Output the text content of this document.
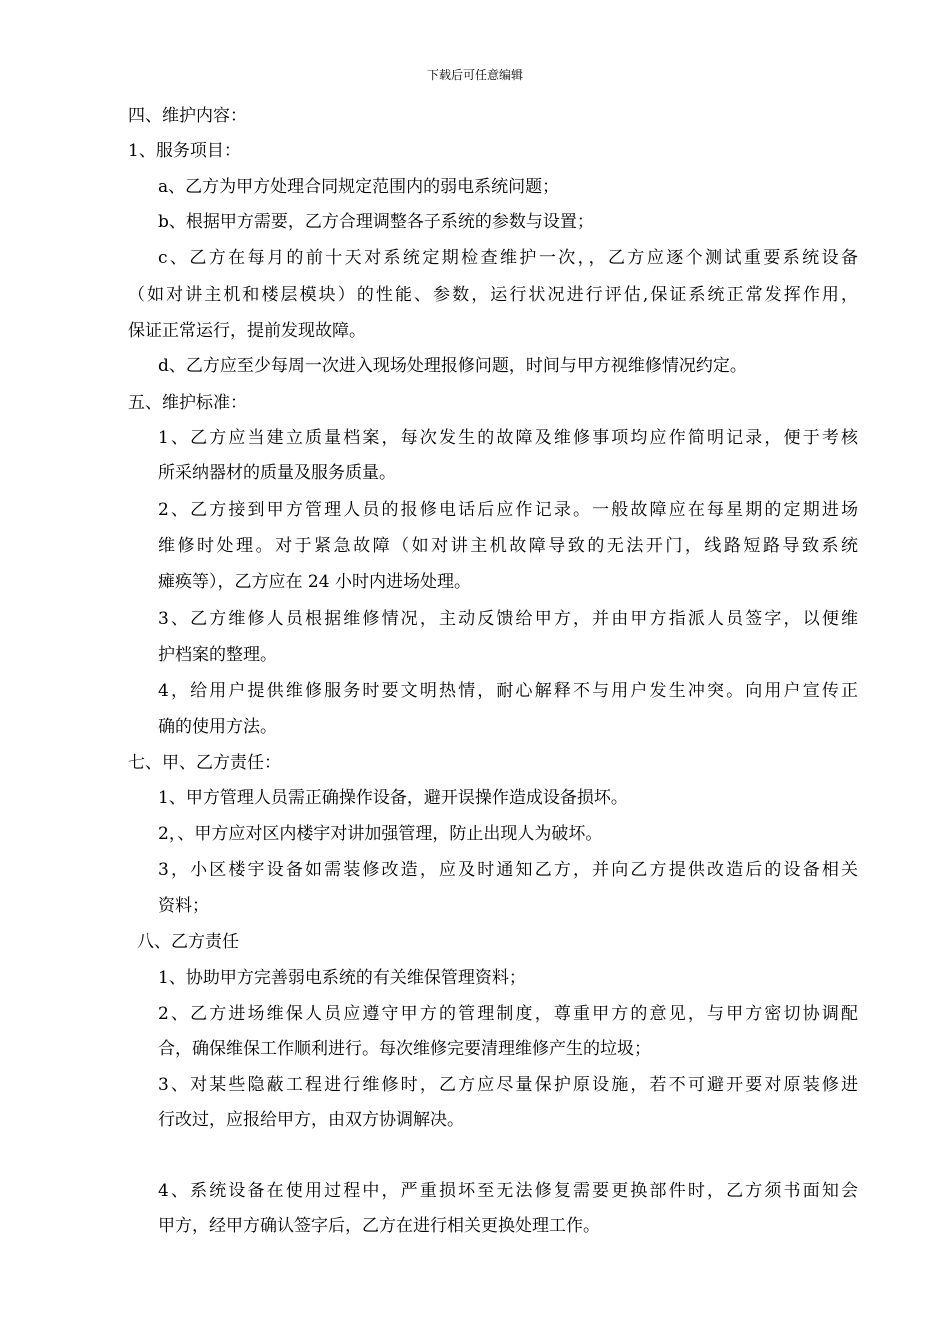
下载后可任意编辑
四、维护内容：
1、服务项目：
a、乙方为甲方处理合同规定范围内的弱电系统问题；
b、根据甲方需要，乙方合理调整各子系统的参数与设置；
c、乙方在每月的前十天对系统定期检查维护一次，，乙方应逐个测试重要系统设备
（如对讲主机和楼层模块）的性能、参数，运行状况进行评估,保证系统正常发挥作用，
保证正常运行，提前发现故障。
d、乙方应至少每周一次进入现场处理报修问题，时间与甲方视维修情况约定。
五、维护标准：
1、乙方应当建立质量档案，每次发生的故障及维修事项均应作简明记录，便于考核
所采纳器材的质量及服务质量。
2、乙方接到甲方管理人员的报修电话后应作记录。一般故障应在每星期的定期进场
维修时处理。对于紧急故障（如对讲主机故障导致的无法开门，线路短路导致系统
瘫痪等），乙方应在 24 小时内进场处理。
3、乙方维修人员根据维修情况，主动反馈给甲方，并由甲方指派人员签字，以便维
护档案的整理。
4，给用户提供维修服务时要文明热情，耐心解释不与用户发生冲突。向用户宣传正
确的使用方法。
七、甲、乙方责任：
1、甲方管理人员需正确操作设备，避开误操作造成设备损坏。
2，、甲方应对区内楼宇对讲加强管理，防止出现人为破坏。
3，小区楼宇设备如需装修改造，应及时通知乙方，并向乙方提供改造后的设备相关
资料；
八、乙方责任
1、协助甲方完善弱电系统的有关维保管理资料；
2、乙方进场维保人员应遵守甲方的管理制度，尊重甲方的意见，与甲方密切协调配
合，确保维保工作顺利进行。每次维修完要清理维修产生的垃圾；
3、对某些隐蔽工程进行维修时，乙方应尽量保护原设施，若不可避开要对原装修进
行改过，应报给甲方，由双方协调解决。
4、系统设备在使用过程中，严重损坏至无法修复需要更换部件时，乙方须书面知会
甲方，经甲方确认签字后，乙方在进行相关更换处理工作。
